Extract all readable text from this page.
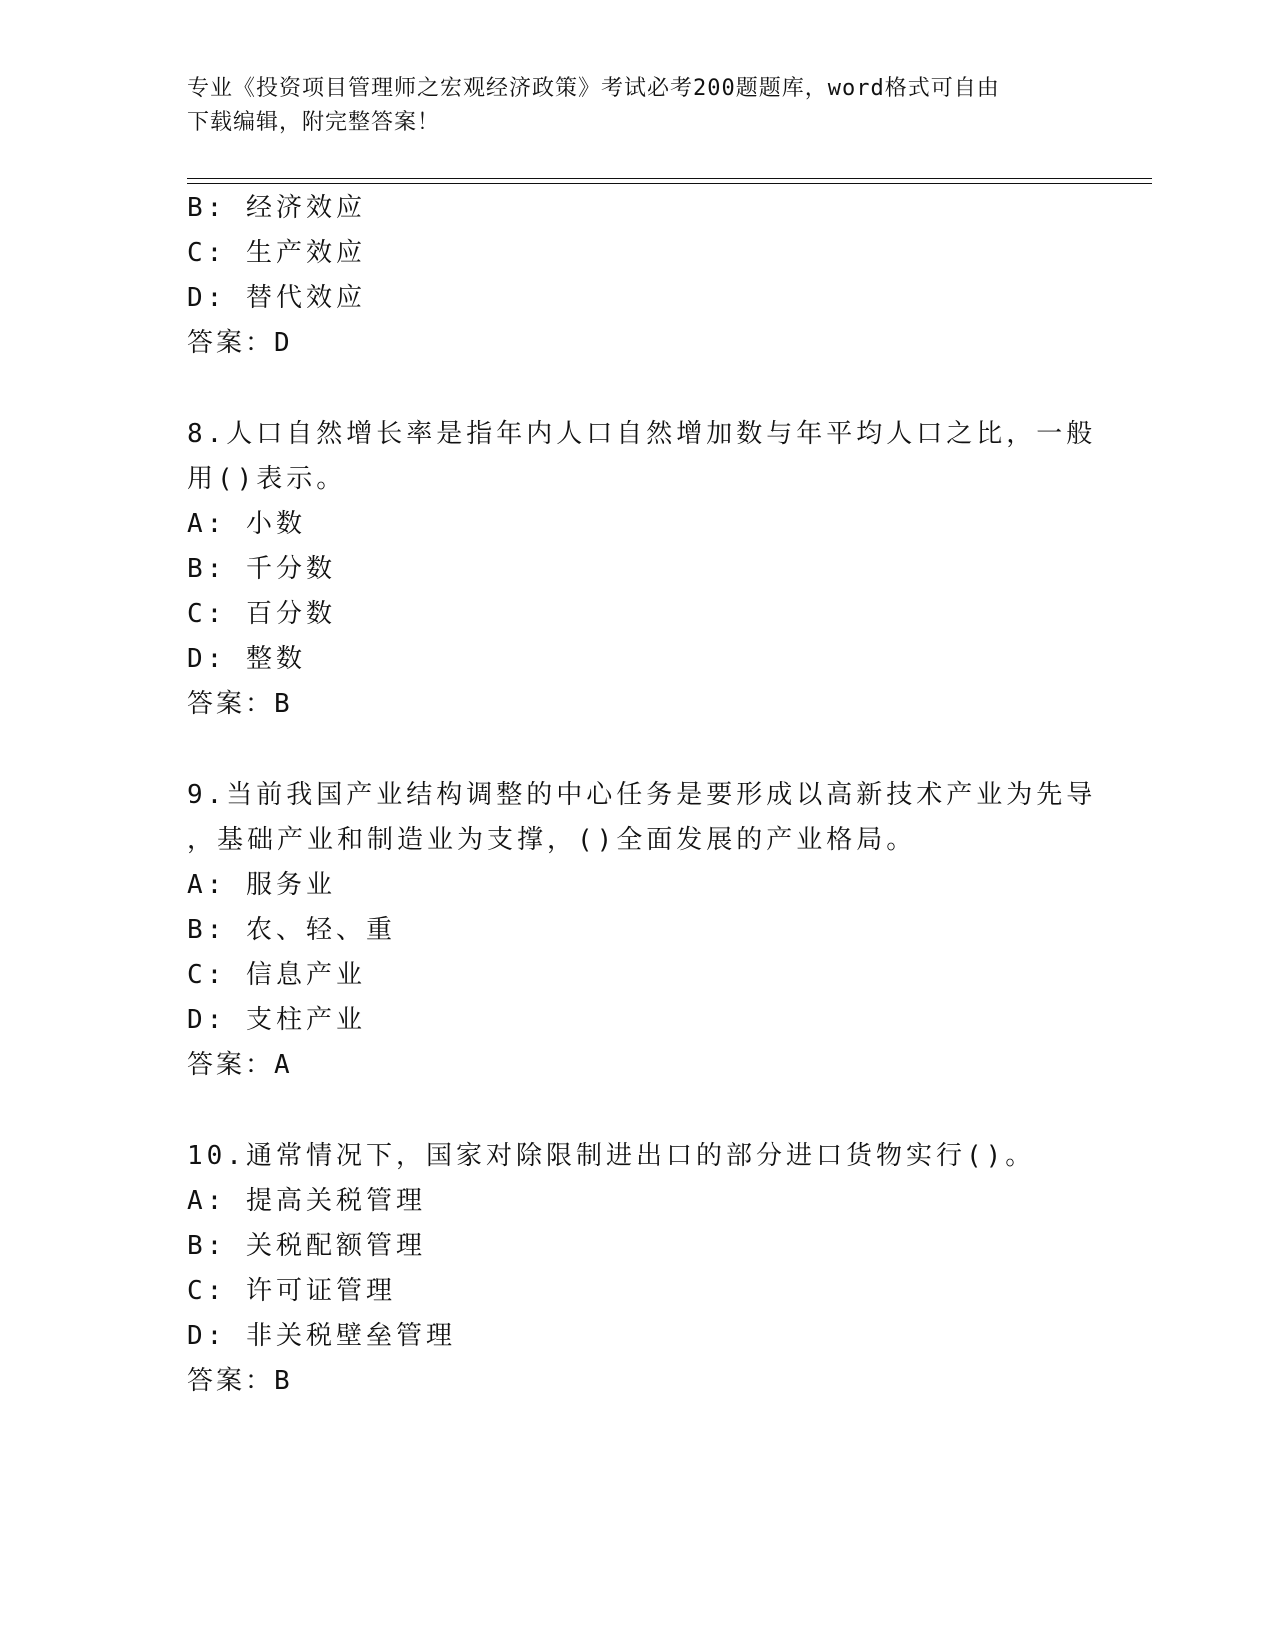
专业《投资项目管理师之宏观经济政策》考试必考200题题库，word格式可自由
下载编辑，附完整答案！
B: 经济效应
C: 生产效应
D: 替代效应
答案：D
8.人口自然增长率是指年内人口自然增加数与年平均人口之比，一般
用()表示。
A: 小数
B: 千分数
C: 百分数
D: 整数
答案：B
9.当前我国产业结构调整的中心任务是要形成以高新技术产业为先导
，基础产业和制造业为支撑，()全面发展的产业格局。
A: 服务业
B: 农、轻、重
C: 信息产业
D: 支柱产业
答案：A
10.通常情况下，国家对除限制进出口的部分进口货物实行()。
A: 提高关税管理
B: 关税配额管理
C: 许可证管理
D: 非关税壁垒管理
答案：B
